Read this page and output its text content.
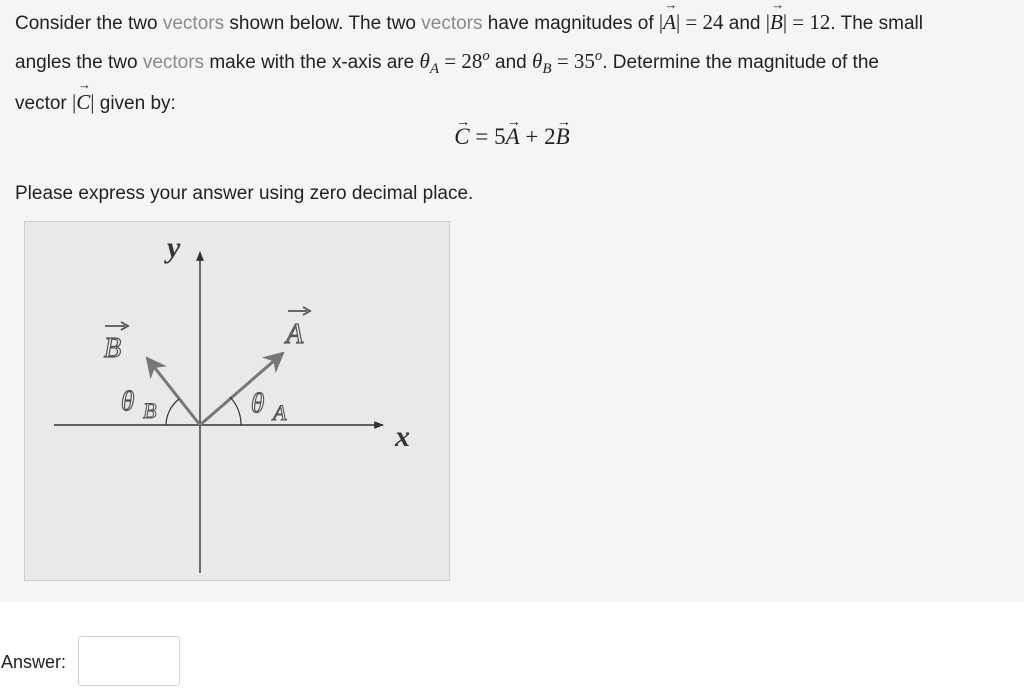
Consider the two vectors shown below. The two vectors have magnitudes of |→ A| = 24 and |→ B| = 12. The small
angles the two vectors make with the x-axis are $\theta_A = 28^o$ and $\theta_B = 35^o$. Determine the magnitude of the
vector |→ C| given by:
→ C = 5→ A + 2→ B
Please express your answer using zero decimal place.
y
x
A
B
θ A
θ B
Answer:
